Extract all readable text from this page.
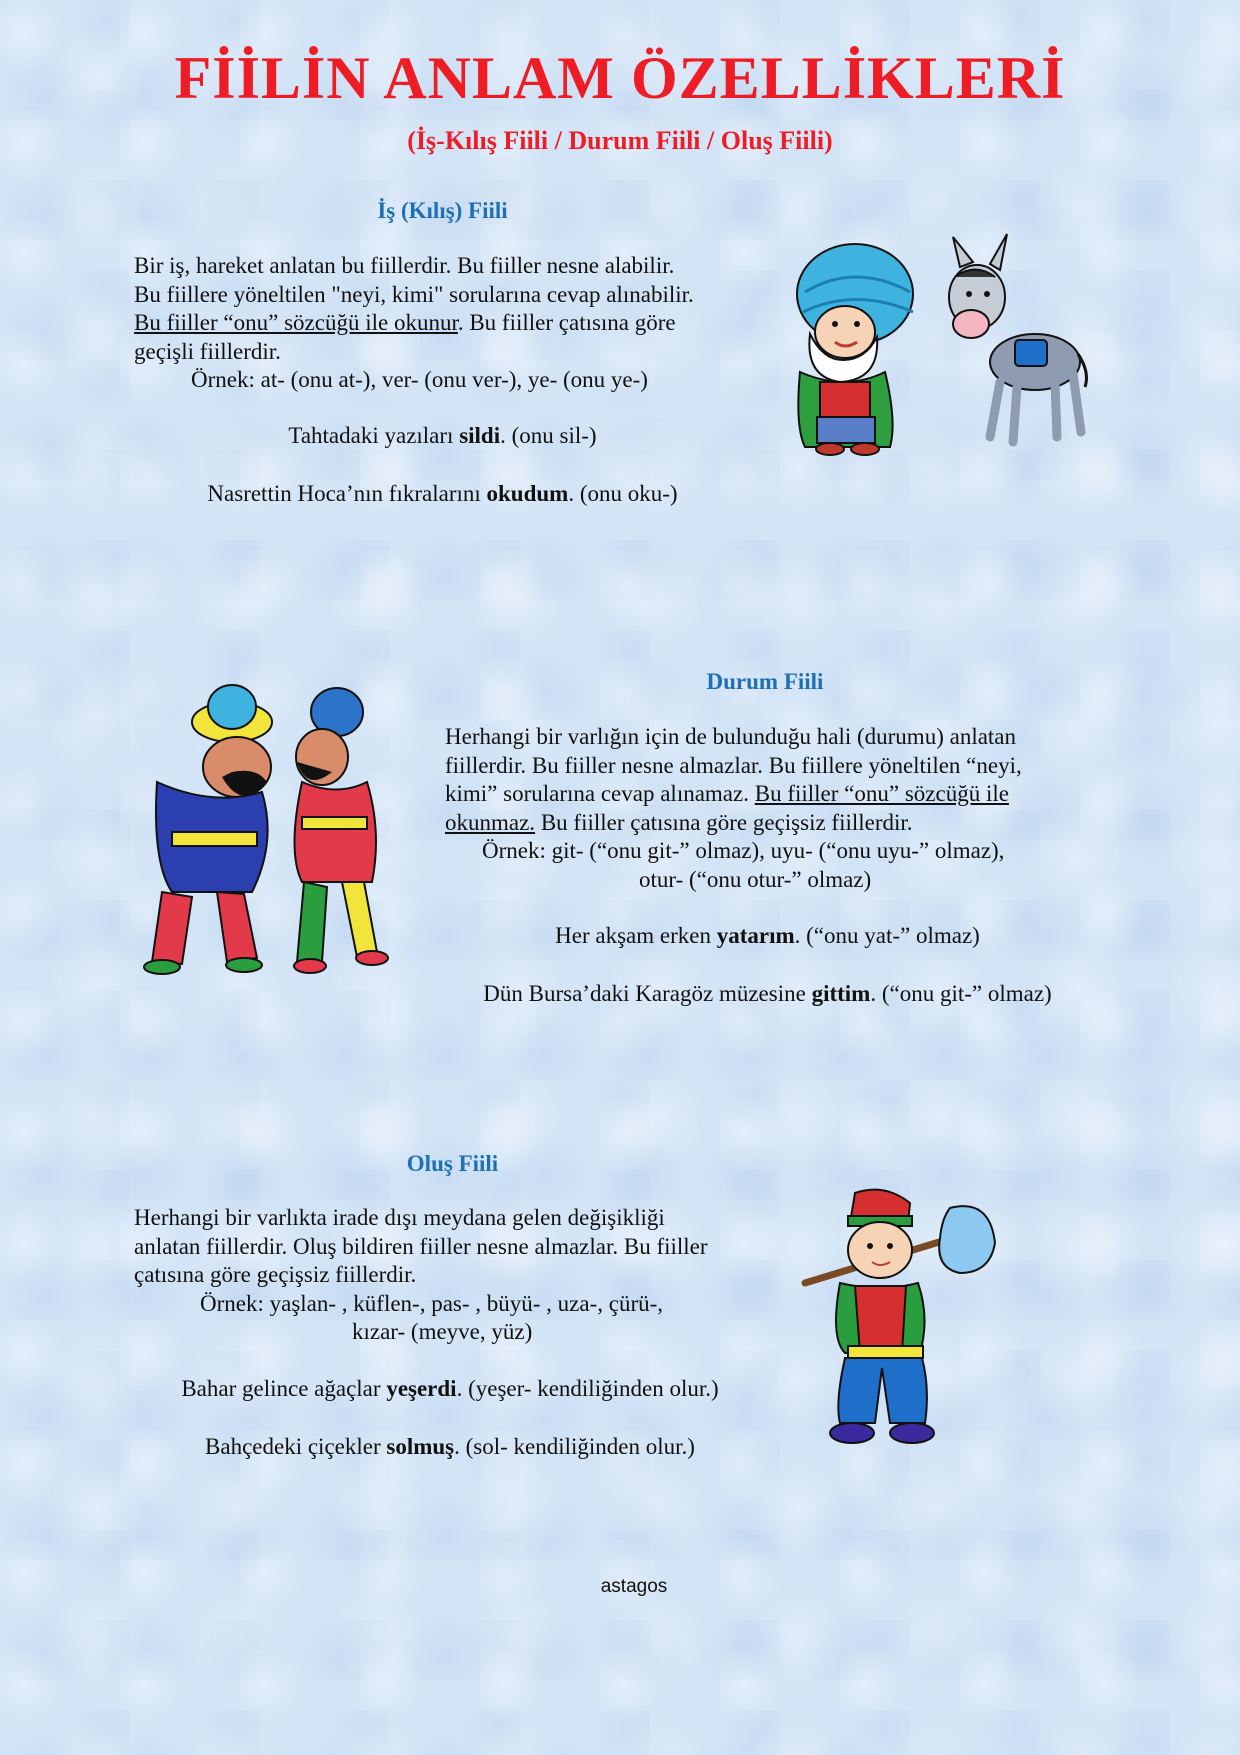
FİİLİN ANLAM ÖZELLİKLERİ
(İş-Kılış Fiili / Durum Fiili / Oluş Fiili)
İş (Kılış) Fiili
Bir iş, hareket anlatan bu fiillerdir. Bu fiiller nesne alabilir.
Bu fiillere yöneltilen "neyi, kimi" sorularına cevap alınabilir.
Bu fiiller “onu” sözcüğü ile okunur. Bu fiiller çatısına göre
geçişli fiillerdir.
Örnek: at- (onu at-), ver- (onu ver-), ye- (onu ye-)
Tahtadaki yazıları sildi. (onu sil-)
Nasrettin Hoca’nın fıkralarını okudum. (onu oku-)
Durum Fiili
Herhangi bir varlığın için de bulunduğu hali (durumu) anlatan
fiillerdir. Bu fiiller nesne almazlar. Bu fiillere yöneltilen “neyi,
kimi” sorularına cevap alınamaz. Bu fiiller “onu” sözcüğü ile
okunmaz. Bu fiiller çatısına göre geçişsiz fiillerdir.
Örnek: git- (“onu git-” olmaz), uyu- (“onu uyu-” olmaz),
otur- (“onu otur-” olmaz)
Her akşam erken yatarım. (“onu yat-” olmaz)
Dün Bursa’daki Karagöz müzesine gittim. (“onu git-” olmaz)
Oluş Fiili
Herhangi bir varlıkta irade dışı meydana gelen değişikliği
anlatan fiillerdir. Oluş bildiren fiiller nesne almazlar. Bu fiiller
çatısına göre geçişsiz fiillerdir.
Örnek: yaşlan- , küflen-, pas- , büyü- , uza-, çürü-,
kızar- (meyve, yüz)
Bahar gelince ağaçlar yeşerdi. (yeşer- kendiliğinden olur.)
Bahçedeki çiçekler solmuş. (sol- kendiliğinden olur.)
astagos
